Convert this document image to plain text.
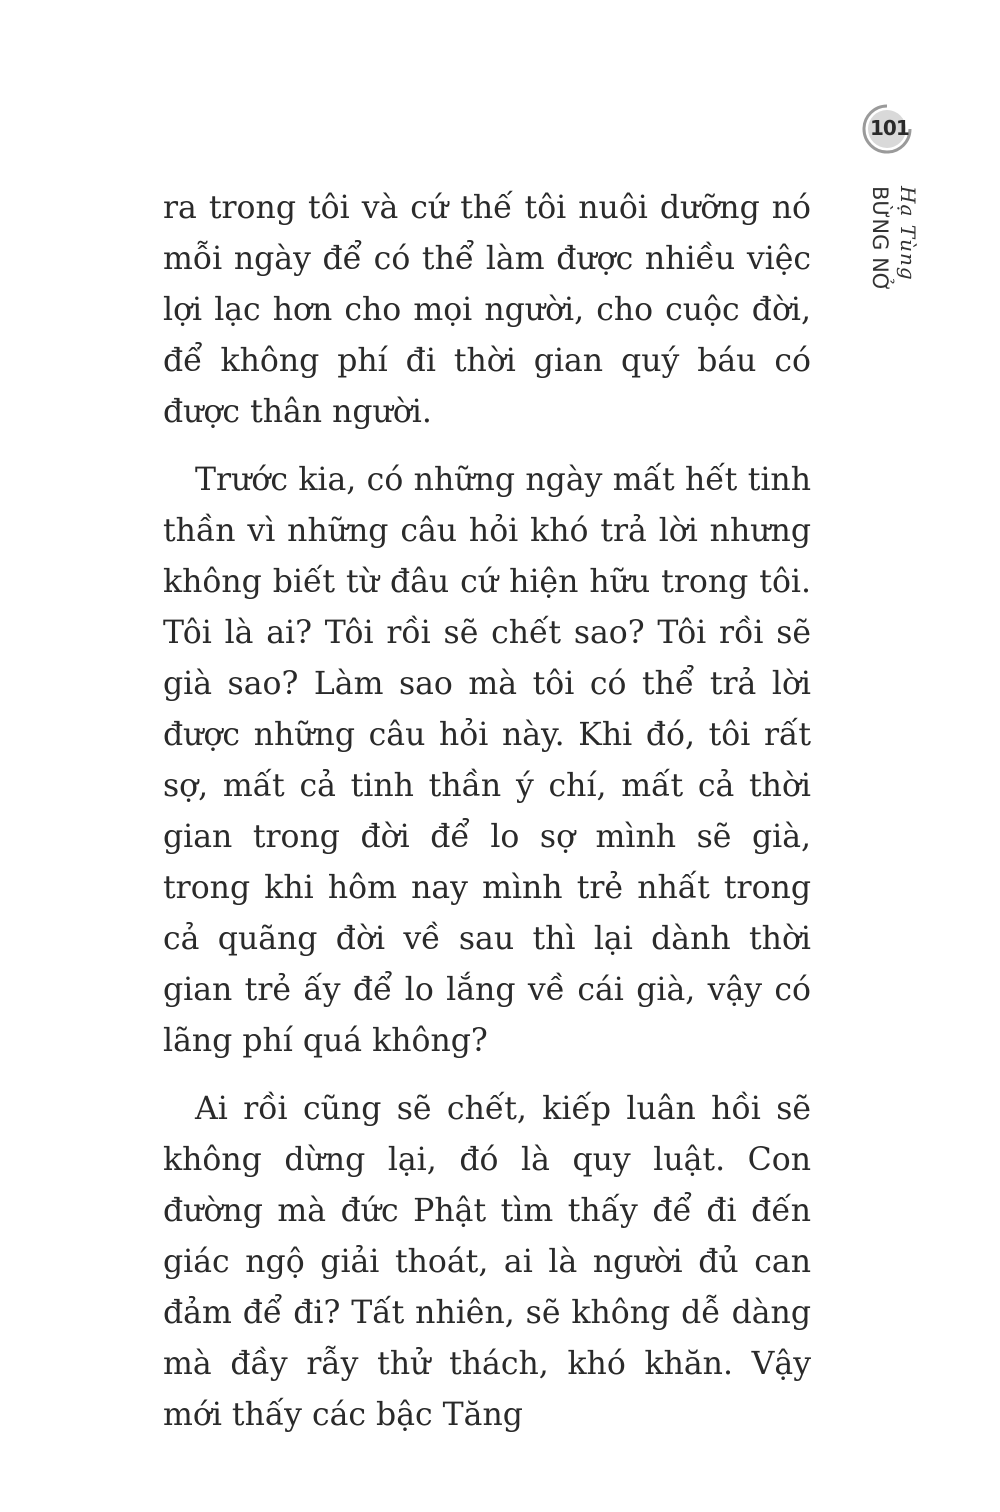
101
BỪNG NỞ Hạ Tùng

ra trong tôi và cứ thế tôi nuôi dưỡng nó mỗi ngày để có thể làm được nhiều việc lợi lạc hơn cho mọi người, cho cuộc đời, để không phí đi thời gian quý báu có được thân người.

Trước kia, có những ngày mất hết tinh thần vì những câu hỏi khó trả lời nhưng không biết từ đâu cứ hiện hữu trong tôi. Tôi là ai? Tôi rồi sẽ chết sao? Tôi rồi sẽ già sao? Làm sao mà tôi có thể trả lời được những câu hỏi này. Khi đó, tôi rất sợ, mất cả tinh thần ý chí, mất cả thời gian trong đời để lo sợ mình sẽ già, trong khi hôm nay mình trẻ nhất trong cả quãng đời về sau thì lại dành thời gian trẻ ấy để lo lắng về cái già, vậy có lãng phí quá không?

Ai rồi cũng sẽ chết, kiếp luân hồi sẽ không dừng lại, đó là quy luật. Con đường mà đức Phật tìm thấy để đi đến giác ngộ giải thoát, ai là người đủ can đảm để đi? Tất nhiên, sẽ không dễ dàng mà đầy rẫy thử thách, khó khăn. Vậy mới thấy các bậc Tăng
